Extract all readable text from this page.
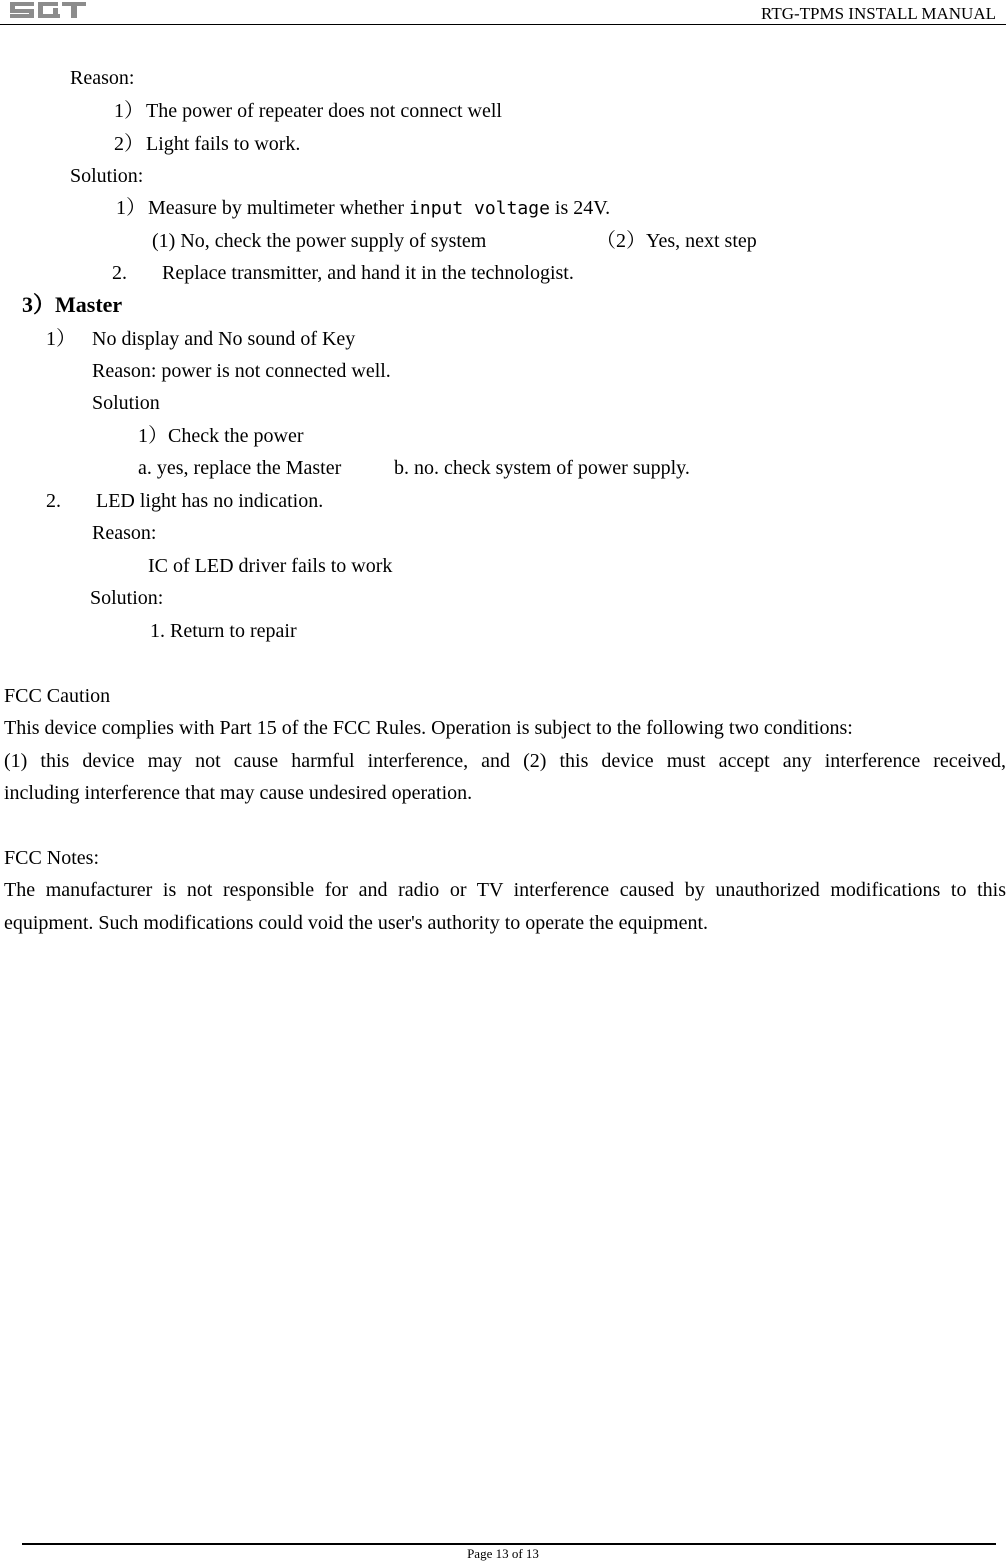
RTG-TPMS INSTALL MANUAL
Reason:
1） The power of repeater does not connect well
2） Light fails to work.
Solution:
1） Measure by multimeter whether input voltage is 24V.
(1) No, check the power supply of system	（2）Yes, next step
2. Replace transmitter, and hand it in the technologist.
3）Master
1） No display and No sound of Key
Reason: power is not connected well.
Solution
1）Check the power
a. yes, replace the Master	b. no. check system of power supply.
2. LED light has no indication.
Reason:
IC of LED driver fails to work
Solution:
1. Return to repair
FCC Caution
This device complies with Part 15 of the FCC Rules. Operation is subject to the following two conditions:
(1) this device may not cause harmful interference, and (2) this device must accept any interference received,
including interference that may cause undesired operation.
FCC Notes:
The manufacturer is not responsible for and radio or TV interference caused by unauthorized modifications to this
equipment. Such modifications could void the user's authority to operate the equipment.
Page 13 of 13
